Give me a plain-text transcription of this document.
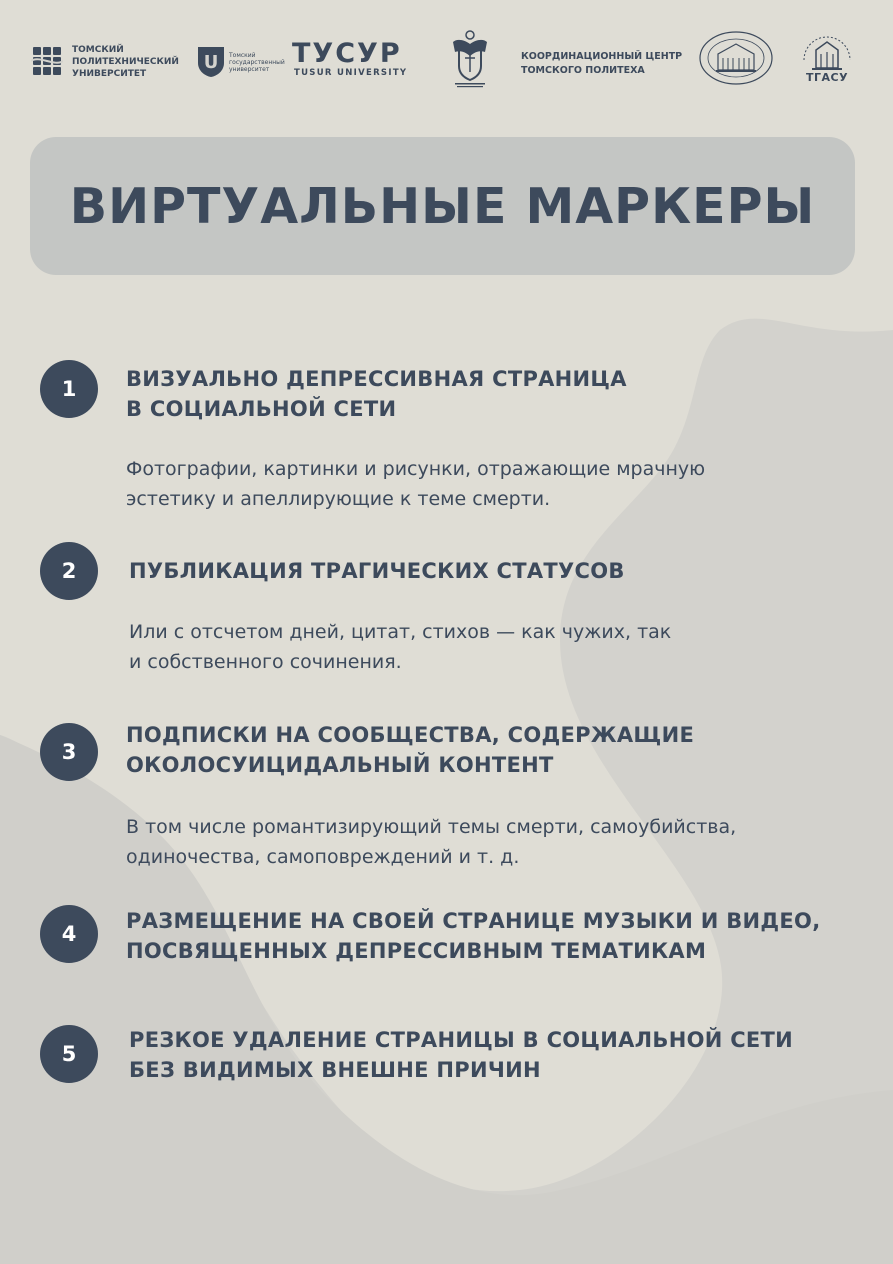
ТОМСКИЙ
ПОЛИТЕХНИЧЕСКИЙ
УНИВЕРСИТЕТ
U Томский
государственный
университет
ТУСУР
TUSUR UNIVERSITY
КООРДИНАЦИОННЫЙ ЦЕНТР
ТОМСКОГО ПОЛИТЕХА
ТГАСУ
ВИРТУАЛЬНЫЕ МАРКЕРЫ
1	ВИЗУАЛЬНО ДЕПРЕССИВНАЯ СТРАНИЦА
В СОЦИАЛЬНОЙ СЕТИ
Фотографии, картинки и рисунки, отражающие мрачную
эстетику и апеллирующие к теме смерти.
2	ПУБЛИКАЦИЯ ТРАГИЧЕСКИХ СТАТУСОВ
Или с отсчетом дней, цитат, стихов — как чужих, так
и собственного сочинения.
3
ПОДПИСКИ НА СООБЩЕСТВА, СОДЕРЖАЩИЕ
ОКОЛОСУИЦИДАЛЬНЫЙ КОНТЕНТ
В том числе романтизирующий темы смерти, самоубийства,
одиночества, самоповреждений и т. д.
4
РАЗМЕЩЕНИЕ НА СВОЕЙ СТРАНИЦЕ МУЗЫКИ И ВИДЕО,
ПОСВЯЩЕННЫХ ДЕПРЕССИВНЫМ ТЕМАТИКАМ
5
РЕЗКОЕ УДАЛЕНИЕ СТРАНИЦЫ В СОЦИАЛЬНОЙ СЕТИ
БЕЗ ВИДИМЫХ ВНЕШНЕ ПРИЧИН
